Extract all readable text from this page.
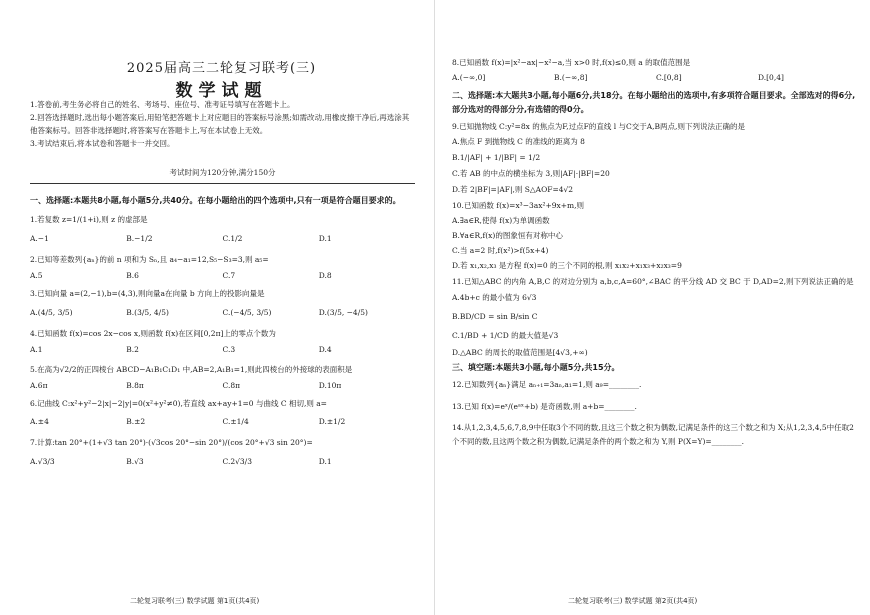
2025届高三二轮复习联考(三)
数学试题
1.答卷前,考生务必将自己的姓名、考场号、座位号、准考证号填写在答题卡上。
2.回答选择题时,选出每小题答案后,用铅笔把答题卡上对应题目的答案标号涂黑;如需改动,用橡皮擦干净后,再选涂其他答案标号。回答非选择题时,将答案写在答题卡上,写在本试卷上无效。
3.考试结束后,将本试卷和答题卡一并交回。
考试时间为120分钟,满分150分
一、选择题:本题共8小题,每小题5分,共40分。在每小题给出的四个选项中,只有一项是符合题目要求的。
1.若复数 z=1/(1+i),则 z 的虚部是
A.−1	B.−1/2	C.1/2	D.1
2.已知等差数列{aₙ}的前 n 项和为 Sₙ,且 a₄−a₁=12,S₅−S₃=3,则 a₅=
A.5	B.6	C.7	D.8
3.已知向量 a=(2,−1),b=(4,3),则向量a在向量 b 方向上的投影向量是
A.(4/5, 3/5)	B.(3/5, 4/5)	C.(−4/5, 3/5)	D.(3/5, −4/5)
4.已知函数 f(x)=cos 2x−cos x,则函数 f(x)在区间[0,2π]上的零点个数为
A.1	B.2	C.3	D.4
5.在高为√2/2的正四棱台 ABCD−A₁B₁C₁D₁ 中,AB=2,A₁B₁=1,则此四棱台的外接球的表面积是
A.6π	B.8π	C.8π	D.10π
6.记曲线 C:x²+y²−2|x|−2|y|=0(x²+y²≠0),若直线 ax+ay+1=0 与曲线 C 相切,则 a=
A.±4	B.±2	C.±1/4	D.±1/2
7.计算:tan 20°+(1+√3 tan 20°)·(√3cos 20°−sin 20°)/(cos 20°+√3 sin 20°)=
A.√3/3	B.√3	C.2√3/3	D.1
二轮复习联考(三) 数学试题 第1页(共4页)
8.已知函数 f(x)=|x²−ax|−x²−a,当 x>0 时,f(x)≤0,则 a 的取值范围是
A.(−∞,0]	B.(−∞,8]	C.[0,8]	D.[0,4]
二、选择题:本大题共3小题,每小题6分,共18分。在每小题给出的选项中,有多项符合题目要求。全部选对的得6分,部分选对的得部分分,有选错的得0分。
9.已知抛物线 C:y²=8x 的焦点为F,过点F的直线 l 与C交于A,B两点,则下列说法正确的是
A.焦点 F 到抛物线 C 的准线的距离为 8
B.1/|AF| + 1/|BF| = 1/2
C.若 AB 的中点的横坐标为 3,则|AF|·|BF|=20
D.若 2|BF|=|AF|,则 S△AOF=4√2
10.已知函数 f(x)=x³−3ax²+9x+m,则
A.∃a∈R,使得 f(x)为单调函数
B.∀a∈R,f(x)的图象恒有对称中心
C.当 a=2 时,f(x²)>f(5x+4)
D.若 x₁,x₂,x₃ 是方程 f(x)=0 的三个不同的根,则 x₁x₂+x₁x₃+x₂x₃=9
11.已知△ABC 的内角 A,B,C 的对边分别为 a,b,c,A=60°,∠BAC 的平分线 AD 交 BC 于 D,AD=2,则下列说法正确的是
A.4b+c 的最小值为 6√3
B.BD/CD = sin B/sin C
C.1/BD + 1/CD 的最大值是√3
D.△ABC 的周长的取值范围是[4√3,+∞)
三、填空题:本题共3小题,每小题5分,共15分。
12.已知数列{aₙ}满足 aₙ₊₁=3aₙ,a₁=1,则 a₉=________.
13.已知 f(x)=eˣ/(eᵃˣ+b) 是奇函数,则 a+b=________.
14.从1,2,3,4,5,6,7,8,9中任取3个不同的数,且这三个数之积为偶数,记满足条件的这三个数之和为 X;从1,2,3,4,5中任取2个不同的数,且这两个数之积为偶数,记满足条件的两个数之和为 Y,则 P(X=Y)=________.
二轮复习联考(三) 数学试题 第2页(共4页)
